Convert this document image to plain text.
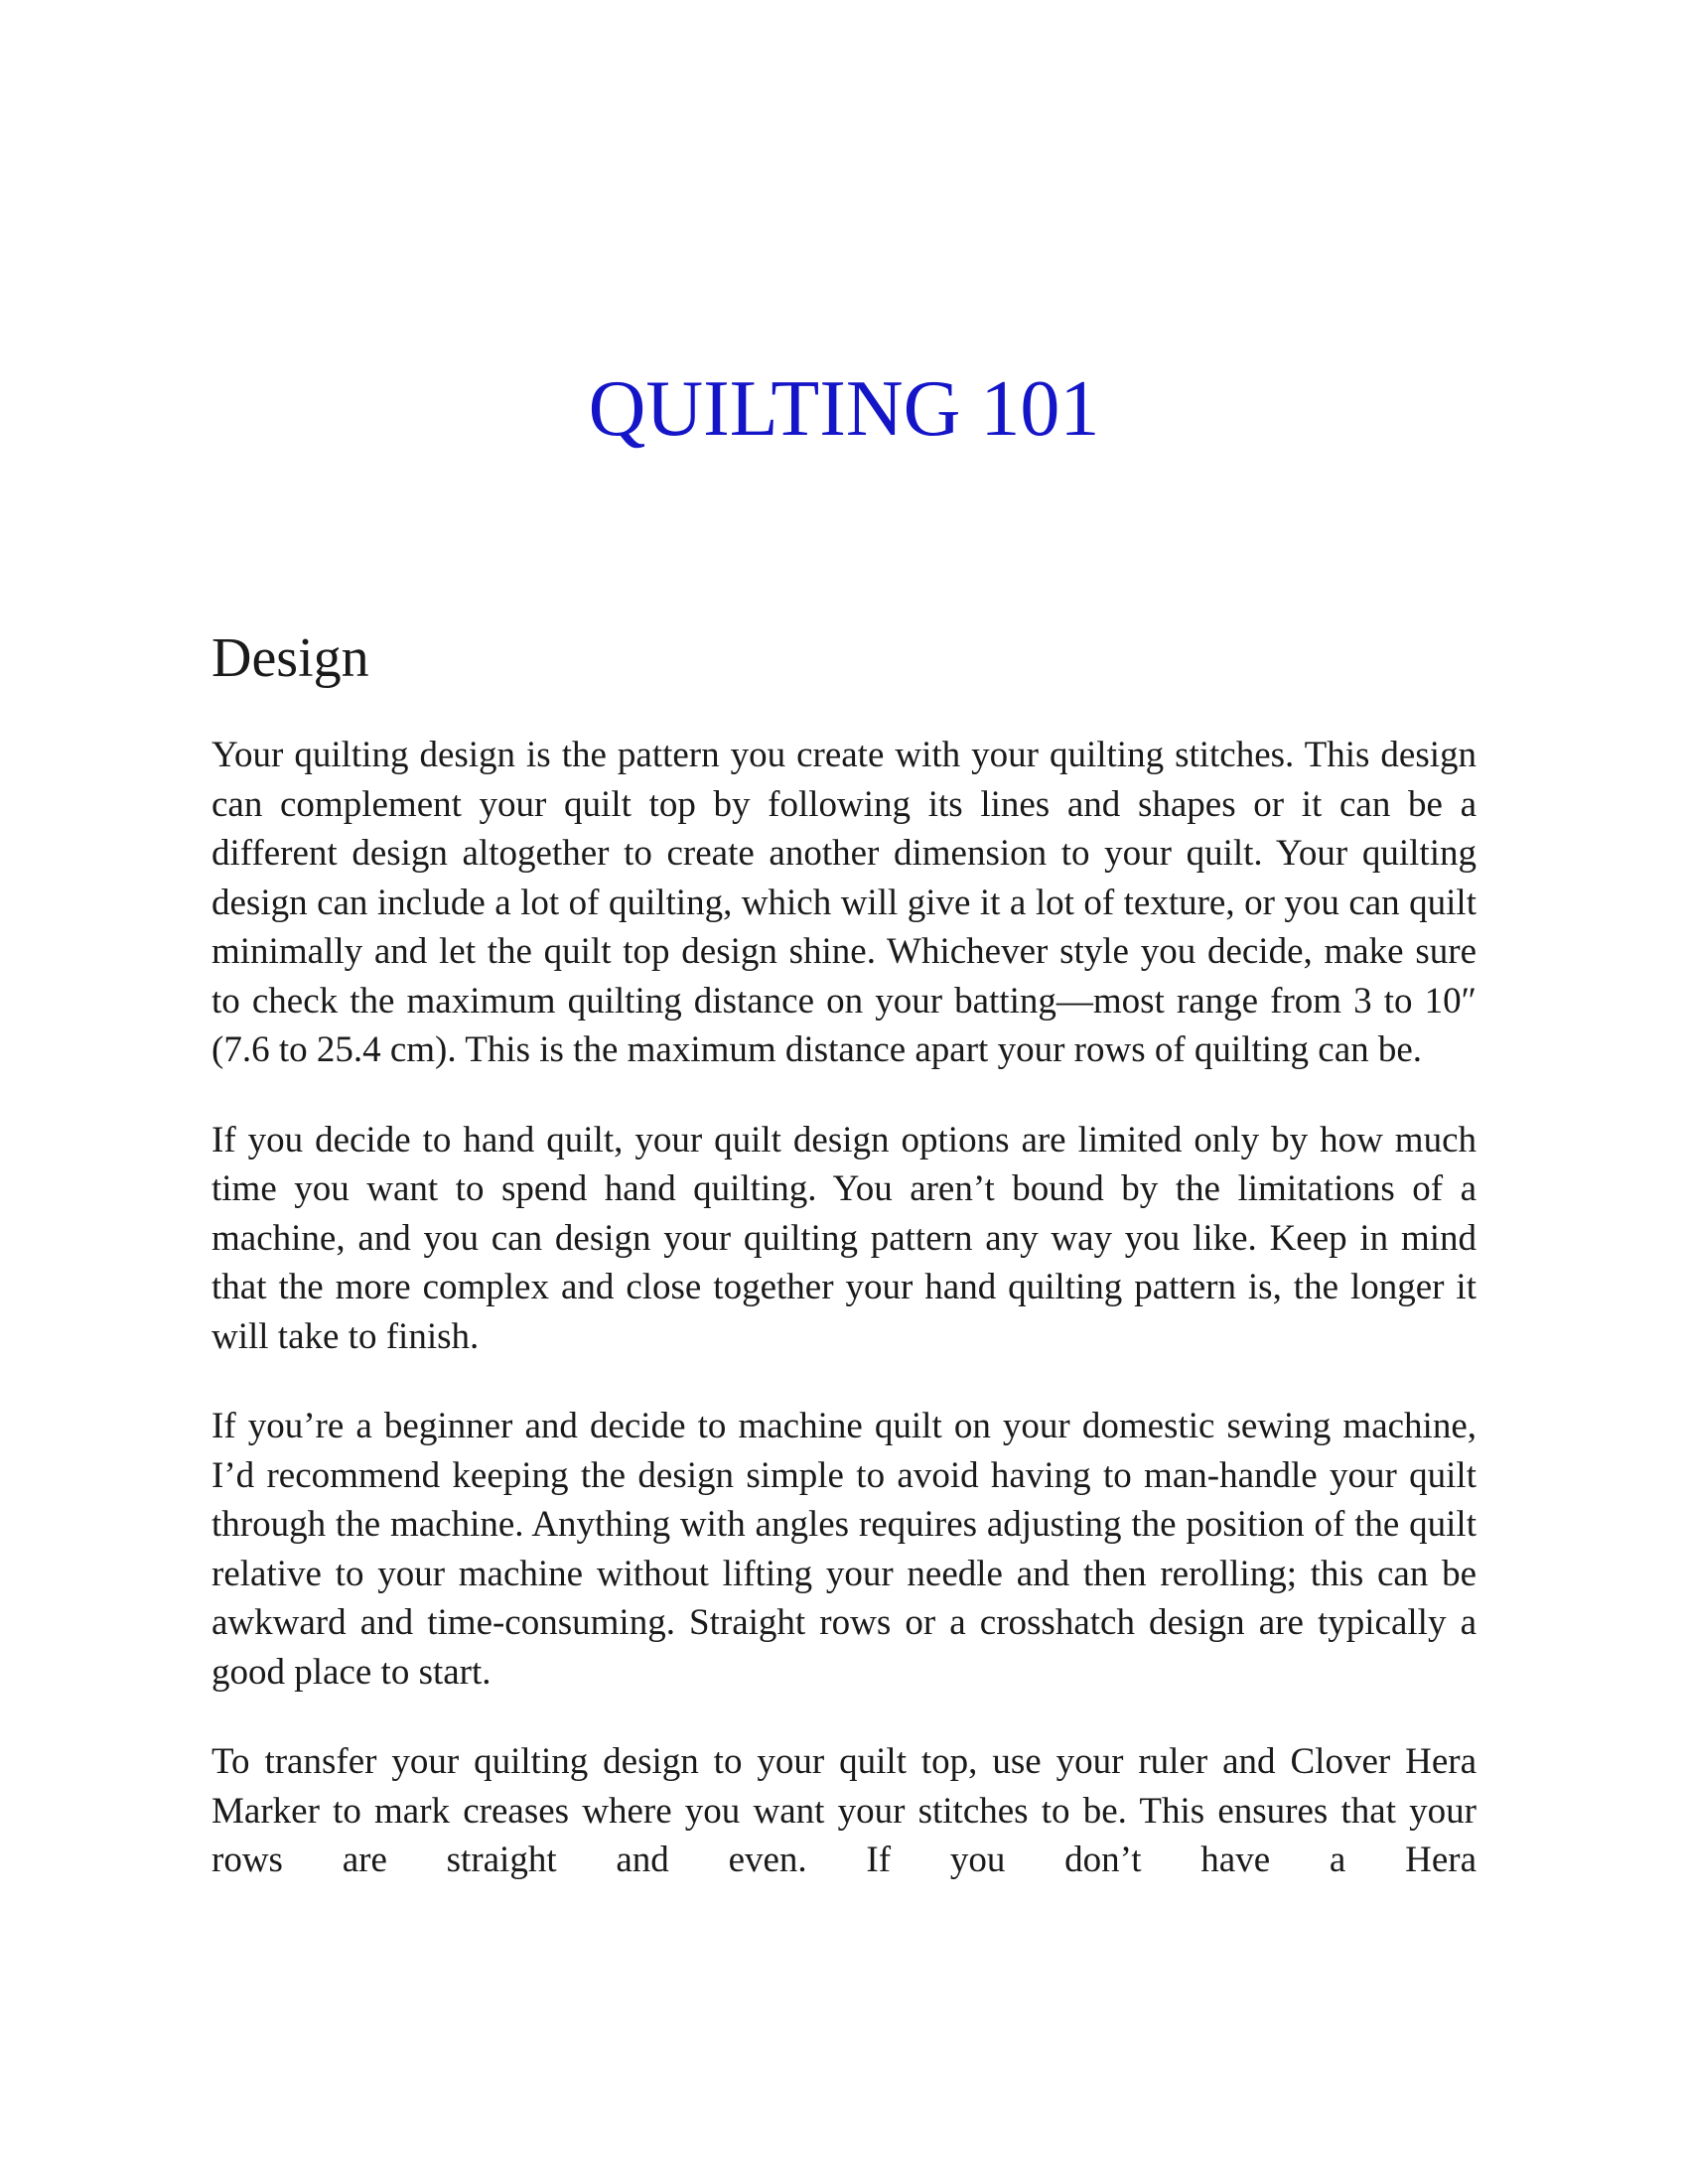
QUILTING 101
Design

Your quilting design is the pattern you create with your quilting stitches. This design can complement your quilt top by following its lines and shapes or it can be a different design altogether to create another dimension to your quilt. Your quilting design can include a lot of quilting, which will give it a lot of texture, or you can quilt minimally and let the quilt top design shine. Whichever style you decide, make sure to check the maximum quilting distance on your batting—most range from 3 to 10″ (7.6 to 25.4 cm). This is the maximum distance apart your rows of quilting can be.

If you decide to hand quilt, your quilt design options are limited only by how much time you want to spend hand quilting. You aren’t bound by the limitations of a machine, and you can design your quilting pattern any way you like. Keep in mind that the more complex and close together your hand quilting pattern is, the longer it will take to finish.

If you’re a beginner and decide to machine quilt on your domestic sewing machine, I’d recommend keeping the design simple to avoid having to man-handle your quilt through the machine. Anything with angles requires adjusting the position of the quilt relative to your machine without lifting your needle and then rerolling; this can be awkward and time-consuming. Straight rows or a crosshatch design are typically a good place to start.

To transfer your quilting design to your quilt top, use your ruler and Clover Hera Marker to mark creases where you want your stitches to be. This ensures that your rows are straight and even. If you don’t have a Hera
